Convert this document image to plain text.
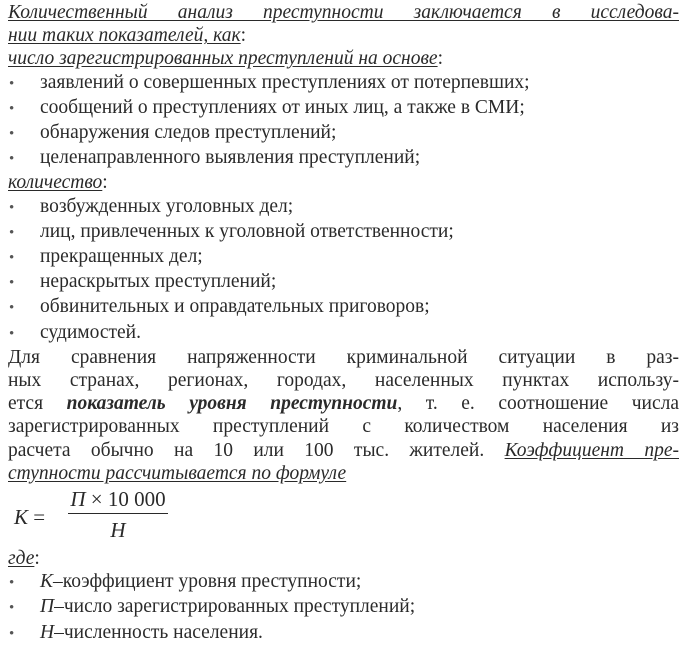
Количественный анализ преступности заключается в исследова-
нии таких показателей, как:
число зарегистрированных преступлений на основе:
•	заявлений о совершенных преступлениях от потерпевших;
•	сообщений о преступлениях от иных лиц, а также в СМИ;
•	обнаружения следов преступлений;
•	целенаправленного выявления преступлений;
количество:
•	возбужденных уголовных дел;
•	лиц, привлеченных к уголовной ответственности;
•	прекращенных дел;
•	нераскрытых преступлений;
•	обвинительных и оправдательных приговоров;
•	судимостей.
Для сравнения напряженности криминальной ситуации в раз-
ных странах, регионах, городах, населенных пунктах использу-
ется показатель уровня преступности, т. е. соотношение числа
зарегистрированных преступлений с количеством населения из
расчета обычно на 10 или 100 тыс. жителей. Коэффициент пре-
ступности рассчитывается по формуле
K =
П × 10 000
Н
где:
•	K – коэффициент уровня преступности;
•	П – число зарегистрированных преступлений;
•	Н – численность населения.
